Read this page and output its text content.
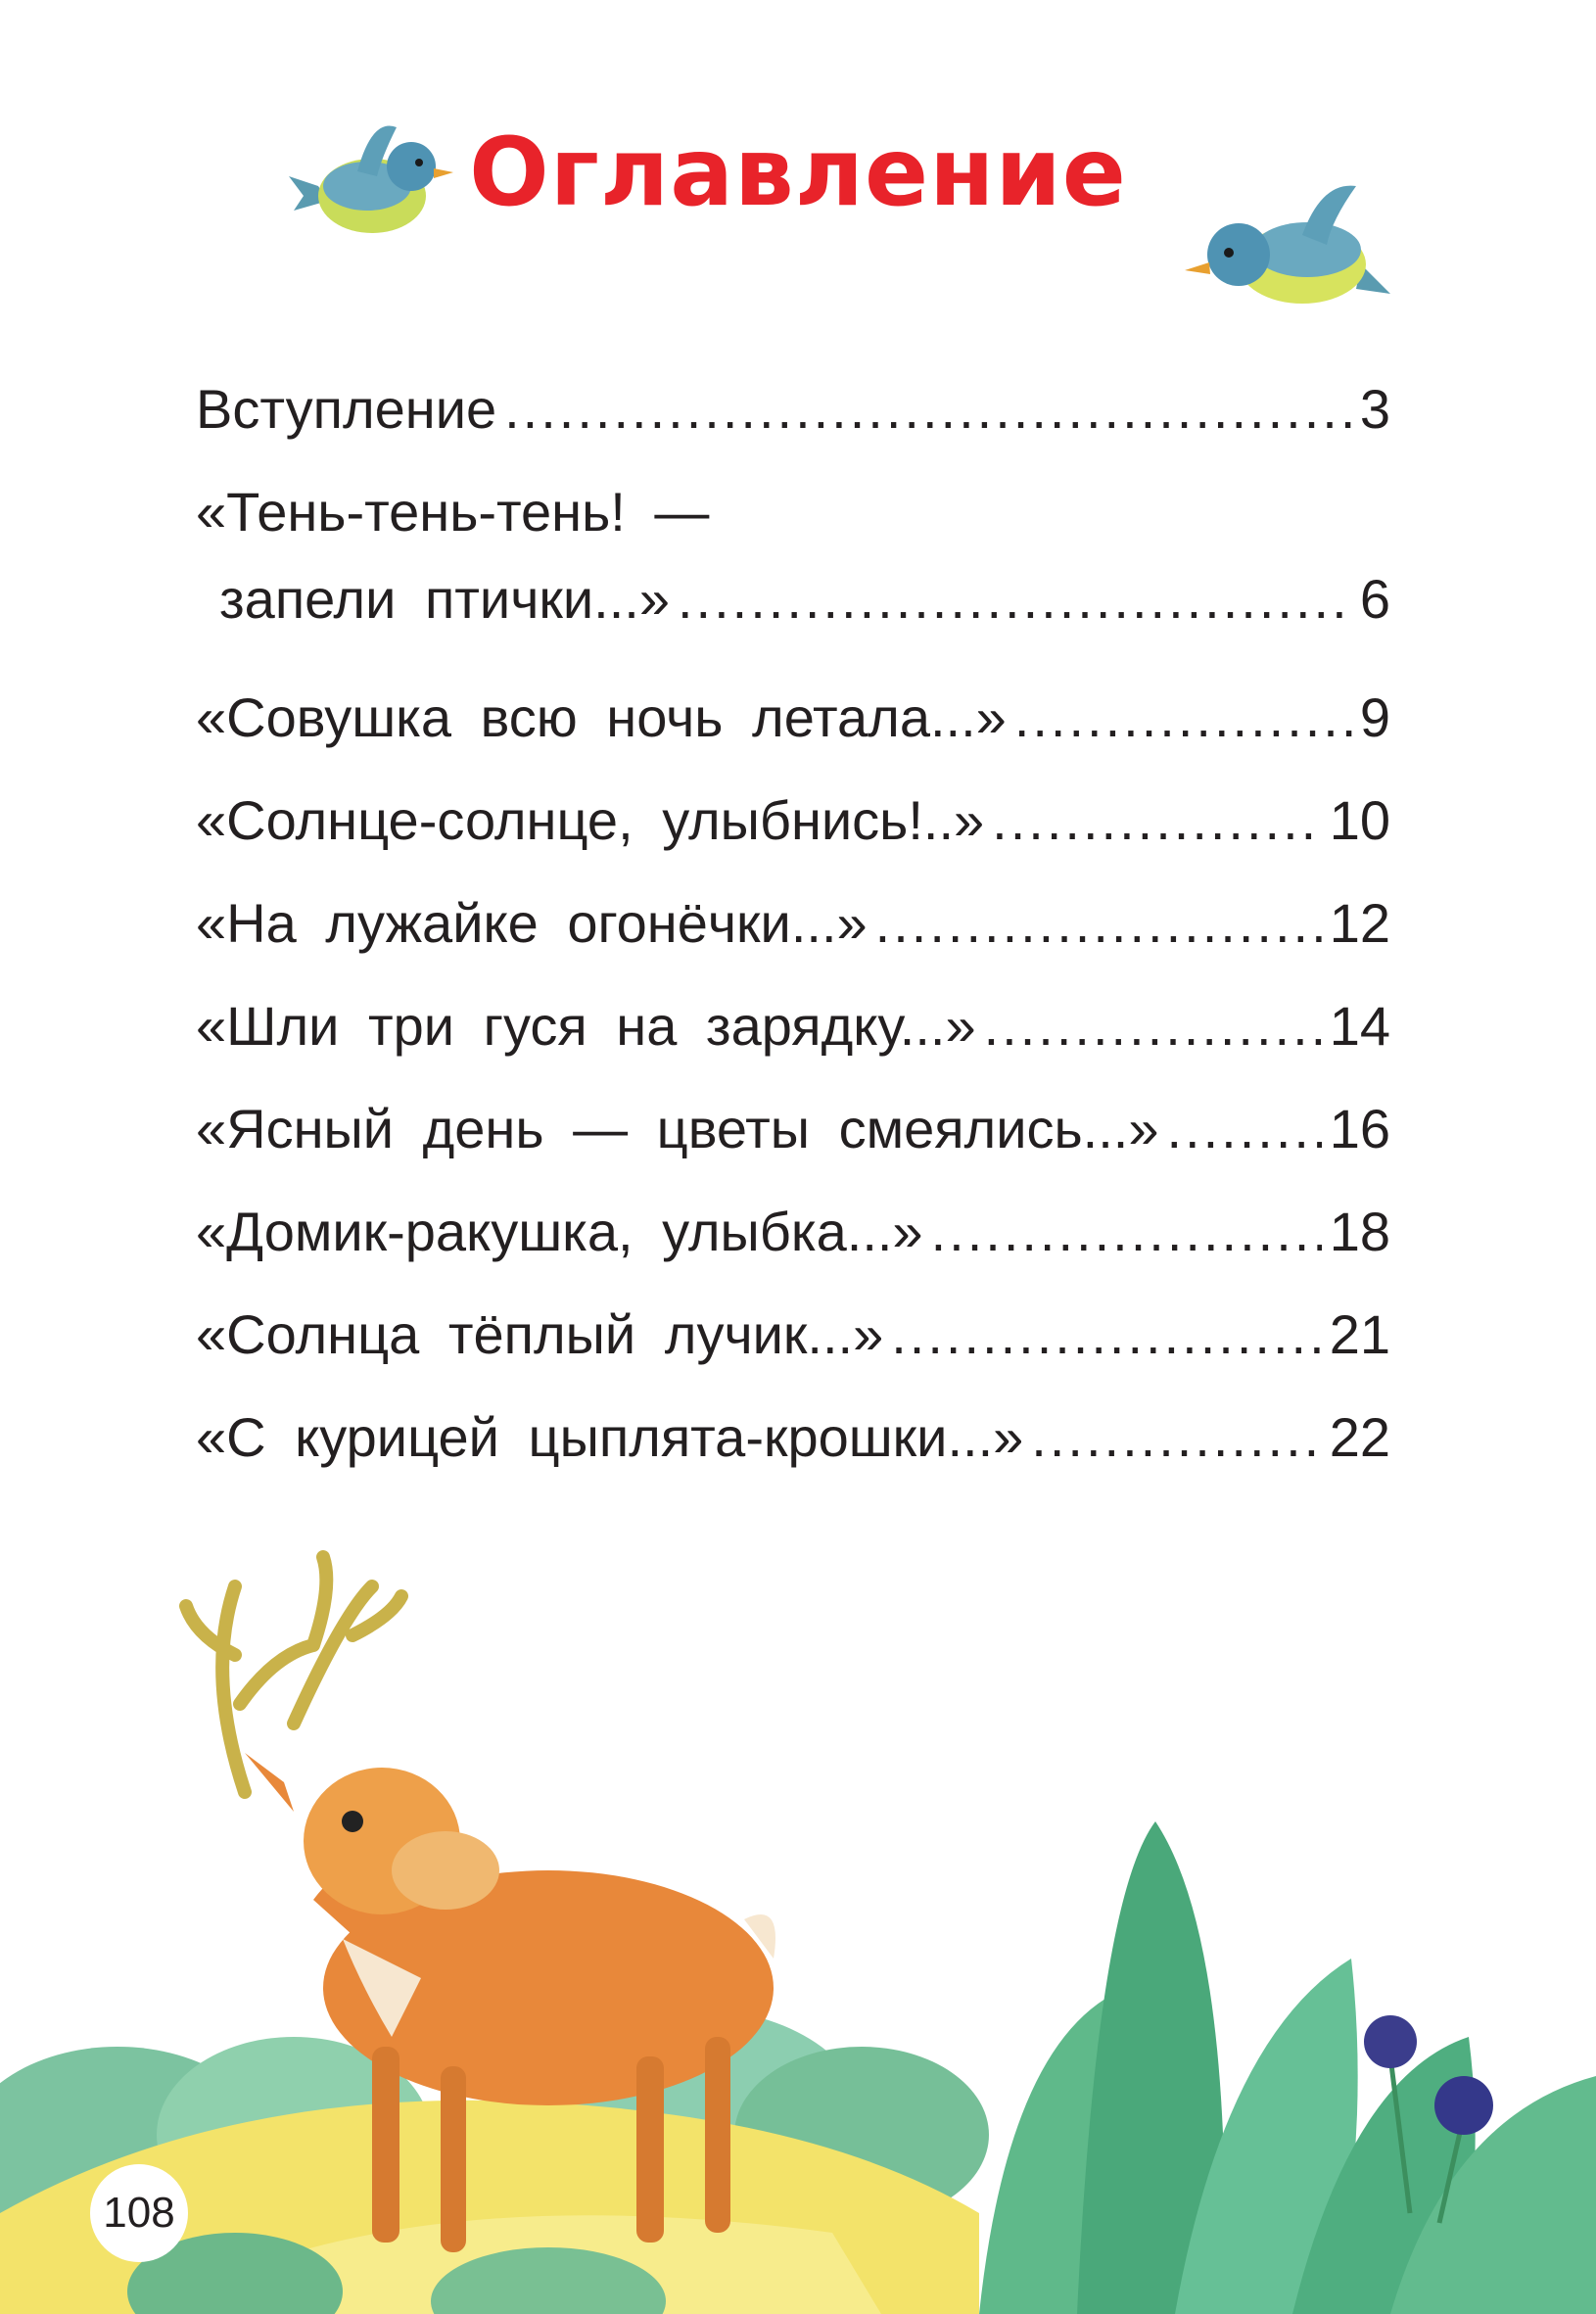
Оглавление
Вступление .....	3
«Тень-тень-тень! —
запели птички...» .....	6
«Совушка всю ночь летала...» .....	9
«Солнце-солнце, улыбнись!..» .....	10
«На лужайке огонёчки...» .....	12
«Шли три гуся на зарядку...» .....	14
«Ясный день — цветы смеялись...» .....	16
«Домик-ракушка, улыбка...» .....	18
«Солнца тёплый лучик...» .....	21
«С курицей цыплята-крошки...» .....	22
108
